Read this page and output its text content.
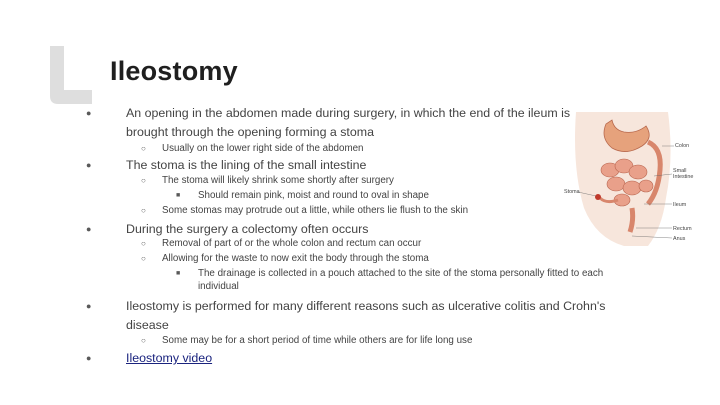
Ileostomy
● An opening in the abdomen made during surgery, in which the end of the ileum is brought through the opening forming a stoma
○ Usually on the lower right side of the abdomen
● The stoma is the lining of the small intestine
○ The stoma will likely shrink some shortly after surgery
■ Should remain pink, moist and round to oval in shape
○ Some stomas may protrude out a little, while others lie flush to the skin
● During the surgery a colectomy often occurs
○ Removal of part of or the whole colon and rectum can occur
○ Allowing for the waste to now exit the body through the stoma
■ The drainage is collected in a pouch attached to the site of the stoma personally fitted to each individual
● Ileostomy is performed for many different reasons such as ulcerative colitis and Crohn's disease
○ Some may be for a short period of time while others are for life long use
● Ileostomy video
Colon
Small
Intestine
Stoma
Ileum
Rectum
Anus
